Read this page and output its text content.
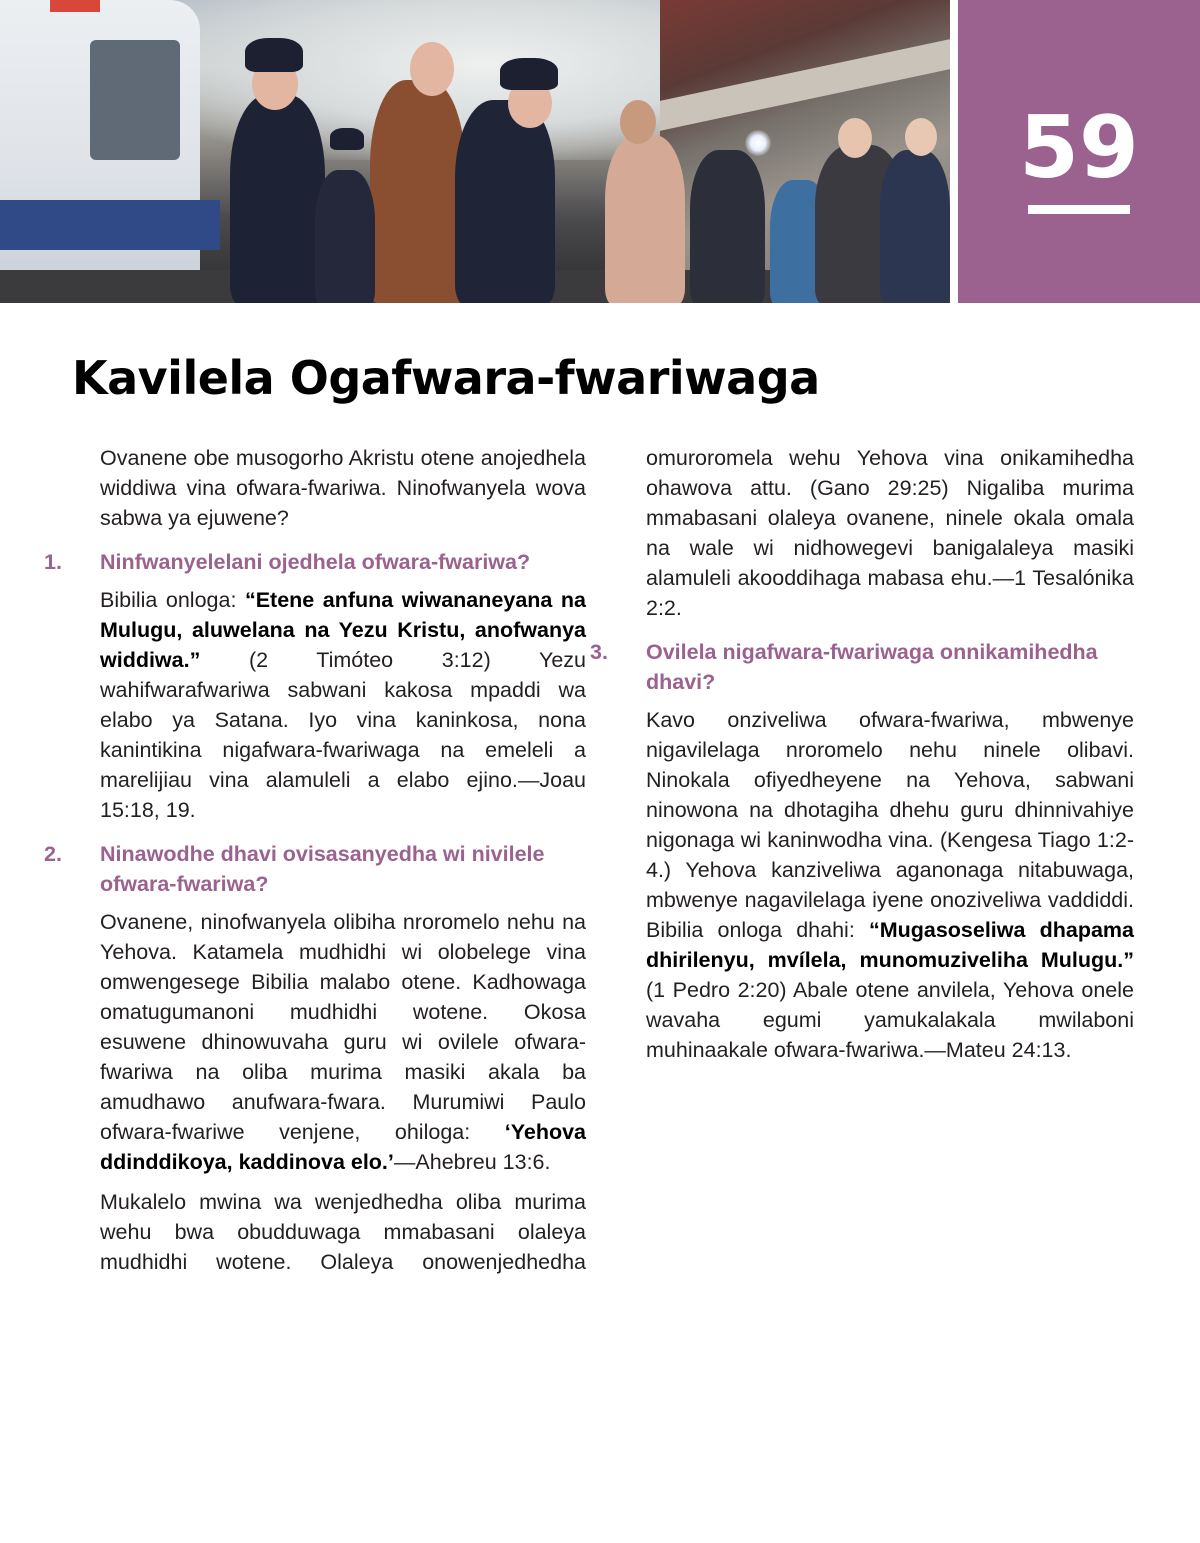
59
Kavilela Ogafwara-fwariwaga

Ovanene obe musogorho Akristu otene anojedhela widdiwa vina ofwara-fwariwa. Ninofwanyela wova sabwa ya ejuwene?

1. Ninfwanyelelani ojedhela ofwara-fwariwa?

Bibilia onloga: “Etene anfuna wiwananeyana na Mulugu, aluwelana na Yezu Kristu, anofwanya widdiwa.” (2 Timóteo 3:12) Yezu wahifwarafwariwa sabwani kakosa mpaddi wa elabo ya Satana. Iyo vina kaninkosa, nona kanintikina nigafwara-fwariwaga na emeleli a marelijiau vina alamuleli a elabo ejino.—Joau 15:18, 19.

2. Ninawodhe dhavi ovisasanyedha wi nivilele ofwara-fwariwa?

Ovanene, ninofwanyela olibiha nroromelo nehu na Yehova. Katamela mudhidhi wi olobelege vina omwengesege Bibilia malabo otene. Kadhowaga omatugumanoni mudhidhi wotene. Okosa esuwene dhinowuvaha guru wi ovilele ofwara-fwariwa na oliba murima masiki akala ba amudhawo anufwara-fwara. Murumiwi Paulo ofwara-fwariwe venjene, ohiloga: ‘Yehova ddinddikoya, kaddinova elo.’—Ahebreu 13:6.

Mukalelo mwina wa wenjedhedha oliba murima wehu bwa obudduwaga mmabasani olaleya mudhidhi wotene. Olaleya onowenjedhedha

omuroromela wehu Yehova vina onikamihedha ohawova attu. (Gano 29:25) Nigaliba murima mmabasani olaleya ovanene, ninele okala omala na wale wi nidhowegevi banigalaleya masiki alamuleli akooddihaga mabasa ehu.—1 Tesalónika 2:2.

3. Ovilela nigafwara-fwariwaga onnikamihedha dhavi?

Kavo onziveliwa ofwara-fwariwa, mbwenye nigavilelaga nroromelo nehu ninele olibavi. Ninokala ofiyedheyene na Yehova, sabwani ninowona na dhotagiha dhehu guru dhinnivahiye nigonaga wi kaninwodha vina. (Kengesa Tiago 1:2-4.) Yehova kanziveliwa aganonaga nitabuwaga, mbwenye nagavilelaga iyene onoziveliwa vaddiddi. Bibilia onloga dhahi: “Mugasoseliwa dhapama dhirilenyu, mvílela, munomuziveliha Mulugu.” (1 Pedro 2:20) Abale otene anvilela, Yehova onele wavaha egumi yamukalakala mwilaboni muhinaakale ofwara-fwariwa.—Mateu 24:13.
